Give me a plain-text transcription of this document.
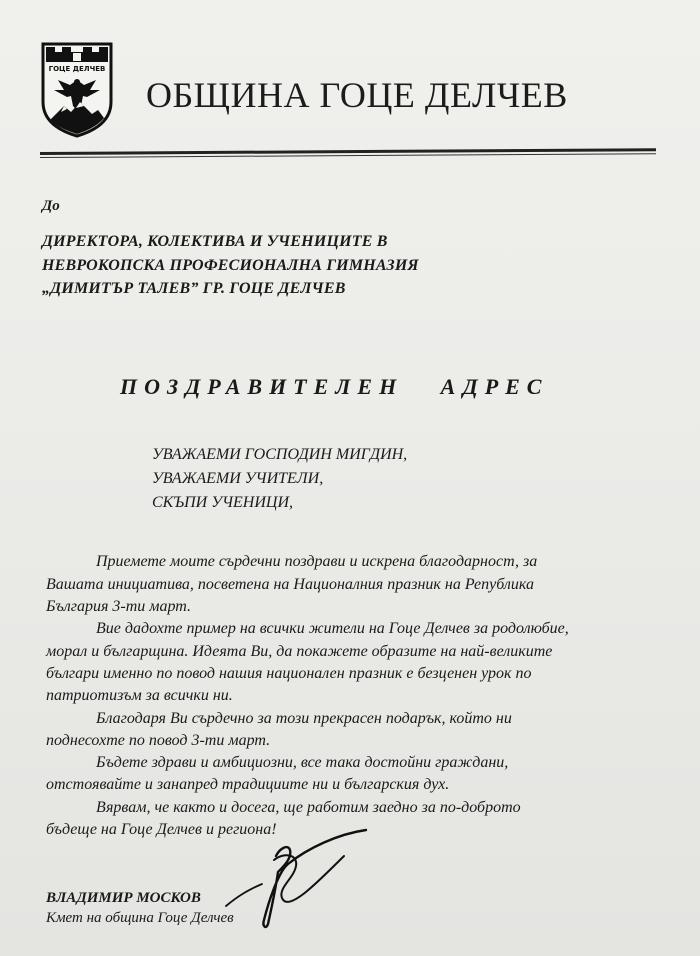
ГОЦЕ ДЕЛЧЕВ
ОБЩИНА ГОЦЕ ДЕЛЧЕВ
До
ДИРЕКТОРА, КОЛЕКТИВА И УЧЕНИЦИТЕ В
НЕВРОКОПСКА ПРОФЕСИОНАЛНА ГИМНАЗИЯ
„ДИМИТЪР ТАЛЕВ” ГР. ГОЦЕ ДЕЛЧЕВ
ПОЗДРАВИТЕЛЕН   АДРЕС
УВАЖАЕМИ ГОСПОДИН МИГДИН,
УВАЖАЕМИ УЧИТЕЛИ,
СКЪПИ УЧЕНИЦИ,
Приемете моите сърдечни поздрави и искрена благодарност, за
Вашата инициатива, посветена на Националния празник на Република
България 3-ти март.
Вие дадохте пример на всички жители на Гоце Делчев за родолюбие,
морал и българщина. Идеята Ви, да покажете образите на най-великите
българи именно по повод нашия национален празник е безценен урок по
патриотизъм за всички ни.
Благодаря Ви сърдечно за този прекрасен подарък, който ни
поднесохте по повод 3-ти март.
Бъдете здрави и амбициозни, все така достойни граждани,
отстоявайте и занапред традициите ни и българския дух.
Вярвам, че както и досега, ще работим заедно за по-доброто
бъдеще на Гоце Делчев и региона!
ВЛАДИМИР МОСКОВ
Кмет на община Гоце Делчев
